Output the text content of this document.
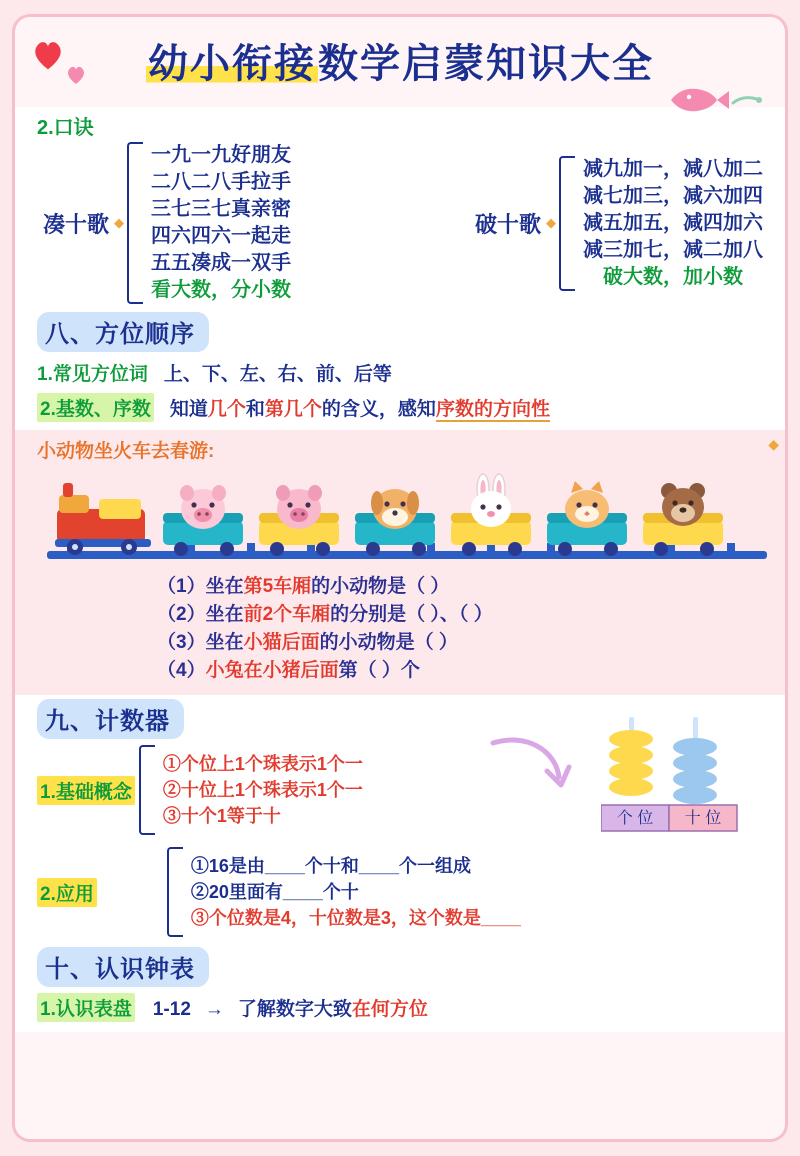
幼小衔接数学启蒙知识大全
2.口诀
凑十歌 ◆
一九一九好朋友
二八二八手拉手
三七三七真亲密
四六四六一起走
五五凑成一双手
看大数，分小数
破十歌 ◆
减九加一，减八加二
减七加三，减六加四
减五加五，减四加六
减三加七，减二加八
破大数，加小数
八、方位顺序
1.常见方位词 上、下、左、右、前、后等
2.基数、序数 知道几个和第几个的含义，感知序数的方向性
◆
小动物坐火车去春游:
（1）坐在第5车厢的小动物是（ ）
（2）坐在前2个车厢的分别是（ ）、（ ）
（3）坐在小猫后面的小动物是（ ）
（4）小兔在小猪后面第（ ）个
九、计数器
个 位 十 位
1.基础概念
①个位上1个珠表示1个一
②十位上1个珠表示1个一
③十个1等于十
2.应用
①16是由____个十和____个一组成
②20里面有____个十
③个位数是4，十位数是3，这个数是____
十、认识钟表
1.认识表盘 1-12 → 了解数字大致在何方位
